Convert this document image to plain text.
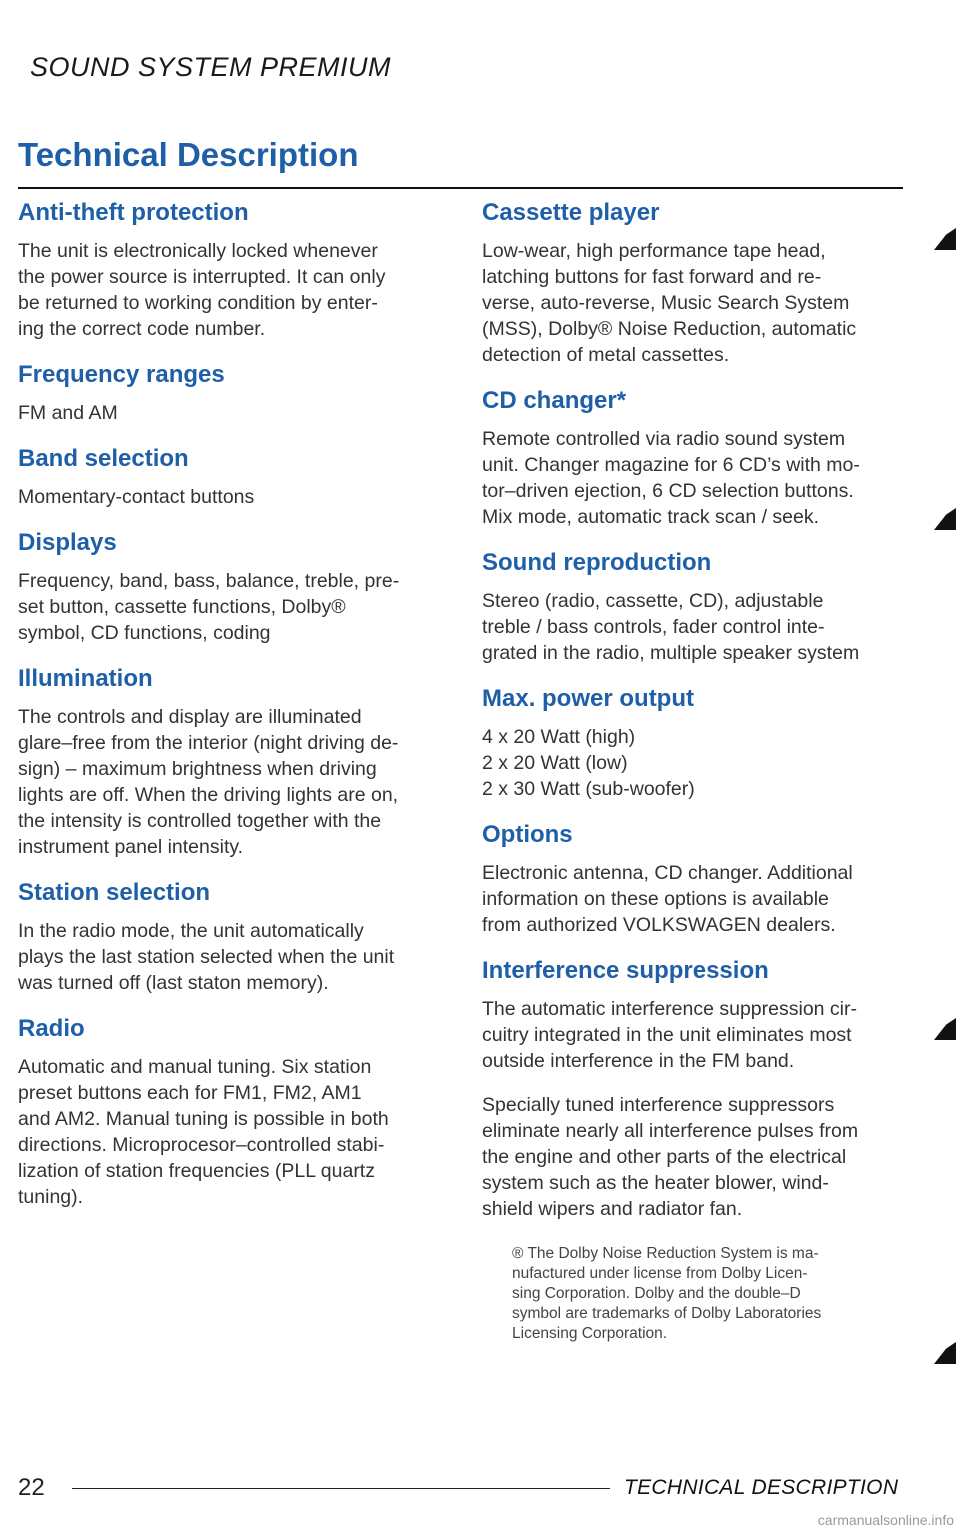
SOUND SYSTEM PREMIUM
Technical Description
Anti-theft protection

The unit is electronically locked whenever
the power source is interrupted. It can only
be returned to working condition by enter-
ing the correct code number.

Frequency ranges

FM and AM

Band selection

Momentary-contact buttons

Displays

Frequency, band, bass, balance, treble, pre-
set button, cassette functions, Dolby®
symbol, CD functions, coding

Illumination

The controls and display are illuminated
glare–free from the interior (night driving de-
sign) – maximum brightness when driving
lights are off. When the driving lights are on,
the intensity is controlled together with the
instrument panel intensity.

Station selection

In the radio mode, the unit automatically
plays the last station selected when the unit
was turned off (last staton memory).

Radio

Automatic and manual tuning. Six station
preset buttons each for FM1, FM2, AM1
and AM2. Manual tuning is possible in both
directions. Microprocesor–controlled stabi-
lization of station frequencies (PLL quartz
tuning).

Cassette player

Low-wear, high performance tape head,
latching buttons for fast forward and re-
verse, auto-reverse, Music Search System
(MSS), Dolby® Noise Reduction, automatic
detection of metal cassettes.

CD changer*

Remote controlled via radio sound system
unit. Changer magazine for 6 CD’s with mo-
tor–driven ejection, 6 CD selection buttons.
Mix mode, automatic track scan / seek.

Sound reproduction

Stereo (radio, cassette, CD), adjustable
treble / bass controls, fader control inte-
grated in the radio, multiple speaker system

Max. power output

4 x 20 Watt (high)
2 x 20 Watt (low)
2 x 30 Watt (sub-woofer)

Options

Electronic antenna, CD changer. Additional
information on these options is available
from authorized VOLKSWAGEN dealers.

Interference suppression

The automatic interference suppression cir-
cuitry integrated in the unit eliminates most
outside interference in the FM band.

Specially tuned interference suppressors
eliminate nearly all interference pulses from
the engine and other parts of the electrical
system such as the heater blower, wind-
shield wipers and radiator fan.

® The Dolby Noise Reduction System is ma-
nufactured under license from Dolby Licen-
sing Corporation. Dolby and the double–D
symbol are trademarks of Dolby Laboratories
Licensing Corporation.
22	TECHNICAL DESCRIPTION
carmanualsonline.info
